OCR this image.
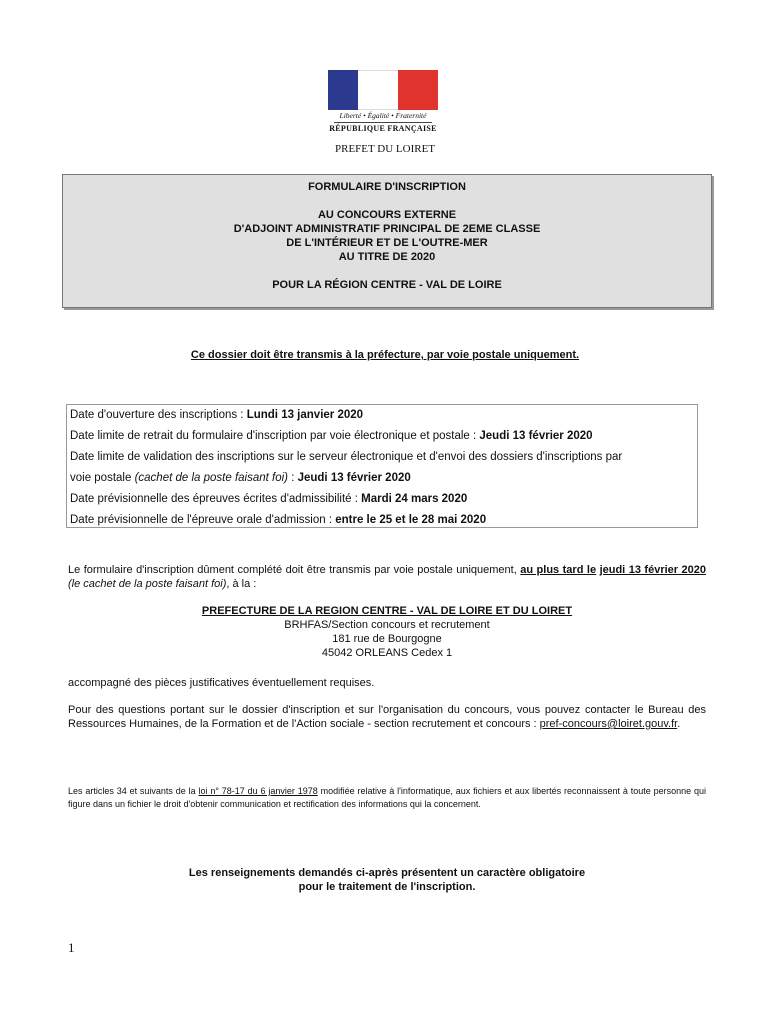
Liberté • Égalité • Fraternité
RÉPUBLIQUE FRANÇAISE
PREFET DU LOIRET
FORMULAIRE D'INSCRIPTION
AU CONCOURS EXTERNE
D'ADJOINT ADMINISTRATIF PRINCIPAL DE 2EME CLASSE
DE L'INTÉRIEUR ET DE L'OUTRE-MER
AU TITRE DE 2020
POUR LA RÉGION CENTRE - VAL DE LOIRE
Ce dossier doit être transmis à la préfecture, par voie postale uniquement.
Date d'ouverture des inscriptions : Lundi 13 janvier 2020
Date limite de retrait du formulaire d'inscription par voie électronique et postale : Jeudi 13 février 2020
Date limite de validation des inscriptions sur le serveur électronique et d'envoi des dossiers d'inscriptions par
voie postale (cachet de la poste faisant foi) : Jeudi 13 février 2020
Date prévisionnelle des épreuves écrites d'admissibilité : Mardi 24 mars 2020
Date prévisionnelle de l'épreuve orale d'admission : entre le 25 et le 28 mai 2020
Le formulaire d'inscription dûment complété doit être transmis par voie postale uniquement, au plus tard le jeudi 13 février 2020 (le cachet de la poste faisant foi), à la :
PREFECTURE DE LA REGION CENTRE - VAL DE LOIRE ET DU LOIRET
BRHFAS/Section concours et recrutement
181 rue de Bourgogne
45042 ORLEANS Cedex 1
accompagné des pièces justificatives éventuellement requises.
Pour des questions portant sur le dossier d'inscription et sur l'organisation du concours, vous pouvez contacter le Bureau des Ressources Humaines, de la Formation et de l'Action sociale - section recrutement et concours : pref-concours@loiret.gouv.fr.
Les articles 34 et suivants de la loi n° 78-17 du 6 janvier 1978 modifiée relative à l'informatique, aux fichiers et aux libertés reconnaissent à toute personne qui figure dans un fichier le droit d'obtenir communication et rectification des informations qui la concernent.
Les renseignements demandés ci-après présentent un caractère obligatoire
pour le traitement de l'inscription.
1
